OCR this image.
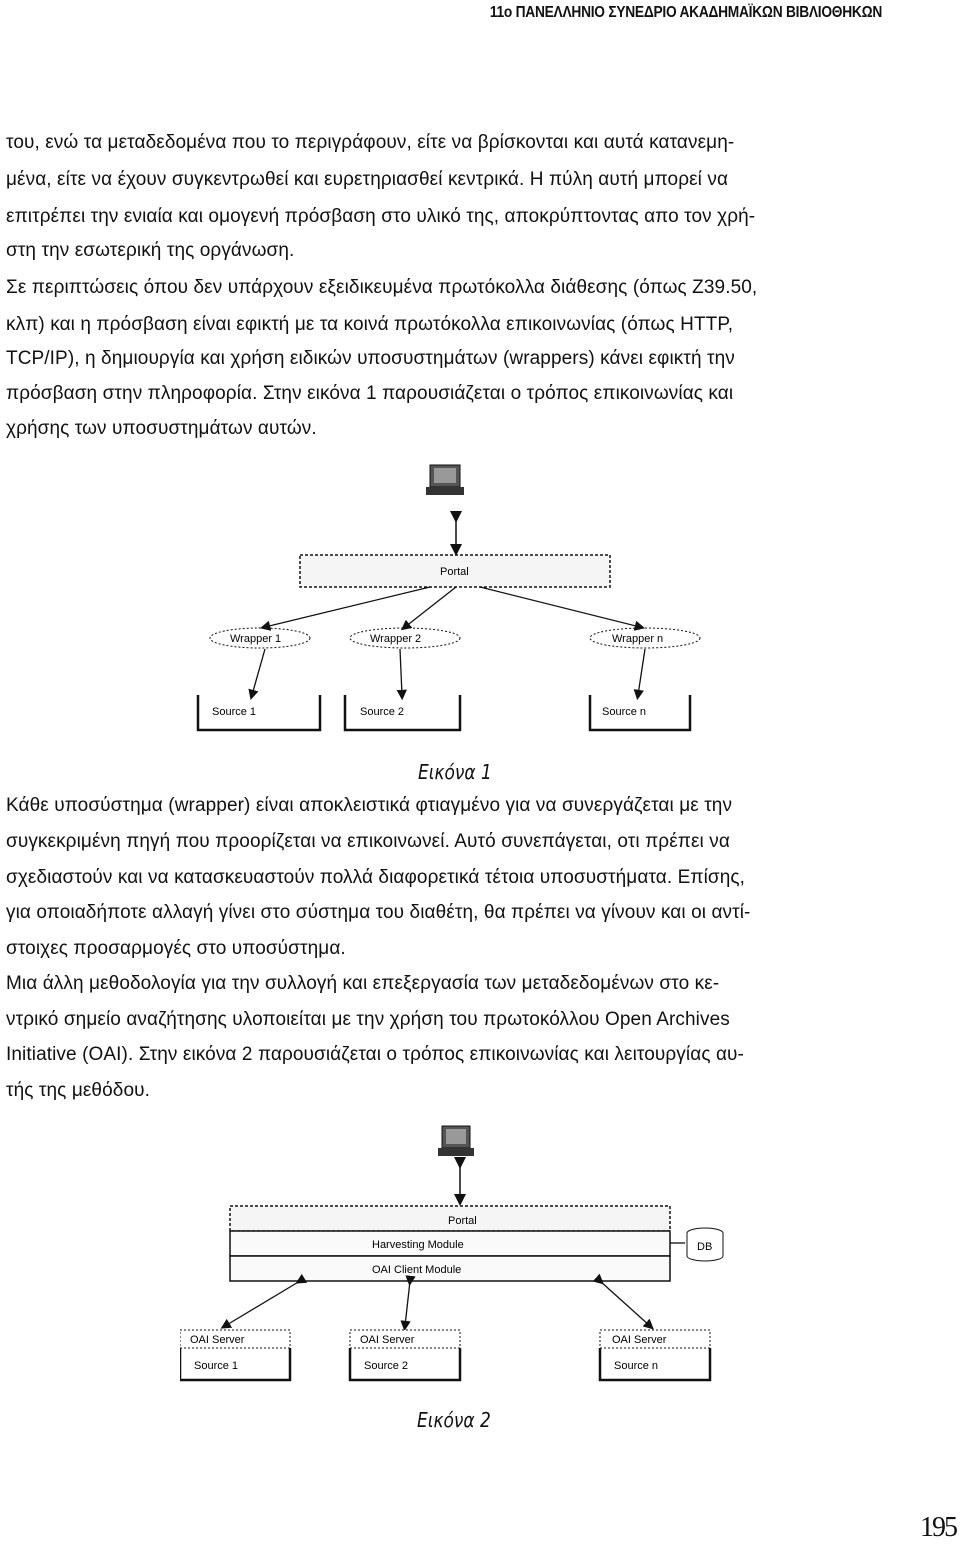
11ο ΠΑΝΕΛΛΗΝΙΟ ΣΥΝΕΔΡΙΟ ΑΚΑΔΗΜΑΪΚΩΝ ΒΙΒΛΙΟΘΗΚΩΝ
του, ενώ τα μεταδεδομένα που το περιγράφουν, είτε να βρίσκονται και αυτά κατανεμη-
μένα, είτε να έχουν συγκεντρωθεί και ευρετηριασθεί κεντρικά. Η πύλη αυτή μπορεί να
επιτρέπει την ενιαία και ομογενή πρόσβαση στο υλικό της, αποκρύπτοντας απο τον χρή-
στη την εσωτερική της οργάνωση.
Σε περιπτώσεις όπου δεν υπάρχουν εξειδικευμένα πρωτόκολλα διάθεσης (όπως Ζ39.50,
κλπ) και η πρόσβαση είναι εφικτή με τα κοινά πρωτόκολλα επικοινωνίας (όπως HTTP,
TCP/IP), η δημιουργία και χρήση ειδικών υποσυστημάτων (wrappers) κάνει εφικτή την
πρόσβαση στην πληροφορία. Στην εικόνα 1 παρουσιάζεται ο τρόπος επικοινωνίας και
χρήσης των υποσυστημάτων αυτών.
Portal
Wrapper 1	Wrapper 2	Wrapper n
Source 1	Source 2	Source n
Εικόνα 1
Κάθε υποσύστημα (wrapper) είναι αποκλειστικά φτιαγμένο για να συνεργάζεται με την
συγκεκριμένη πηγή που προορίζεται να επικοινωνεί. Αυτό συνεπάγεται, οτι πρέπει να
σχεδιαστούν και να κατασκευαστούν πολλά διαφορετικά τέτοια υποσυστήματα. Επίσης,
για οποιαδήποτε αλλαγή γίνει στο σύστημα του διαθέτη, θα πρέπει να γίνουν και οι αντί-
στοιχες προσαρμογές στο υποσύστημα.
Μια άλλη μεθοδολογία για την συλλογή και επεξεργασία των μεταδεδομένων στο κε-
ντρικό σημείο αναζήτησης υλοποιείται με την χρήση του πρωτοκόλλου Open Archives
Initiative (OAI). Στην εικόνα 2 παρουσιάζεται ο τρόπος επικοινωνίας και λειτουργίας αυ-
τής της μεθόδου.
Portal
Harvesting Module
OAI Client Module
DB
OAI Server	OAI Server	OAI Server
Source 1	Source 2	Source n
Εικόνα 2
195
